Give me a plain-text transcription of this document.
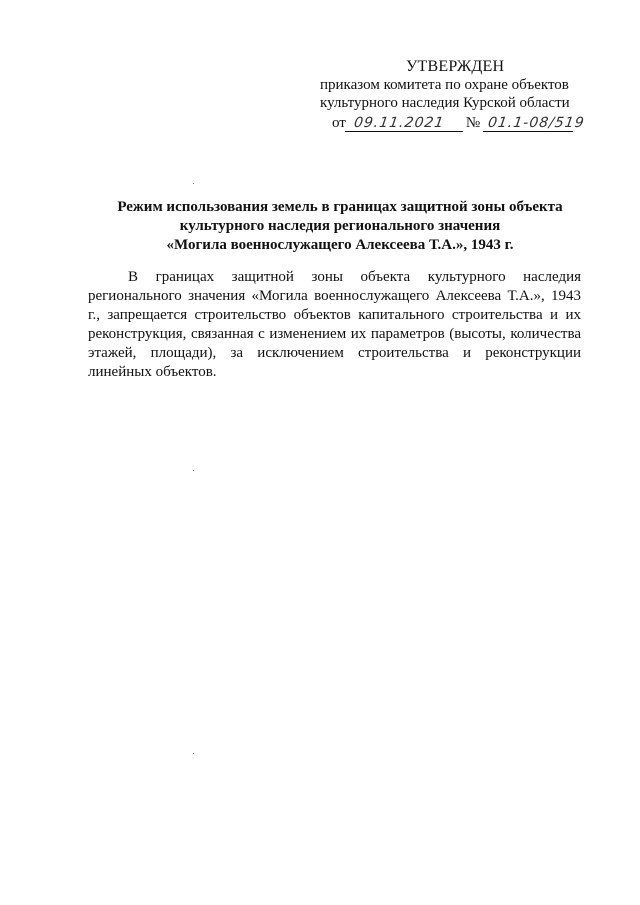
УТВЕРЖДЕН
приказом комитета по охране объектов
культурного наследия Курской области
от 09.11.2021	№ 01.1-08/519
Режим использования земель в границах защитной зоны объекта
культурного наследия регионального значения
«Могила военнослужащего Алексеева Т.А.», 1943 г.
В границах защитной зоны объекта культурного наследия регионального значения «Могила военнослужащего Алексеева Т.А.», 1943 г., запрещается строительство объектов капитального строительства и их реконструкция, связанная с изменением их параметров (высоты, количества этажей, площади), за исключением строительства и реконструкции линейных объектов.
